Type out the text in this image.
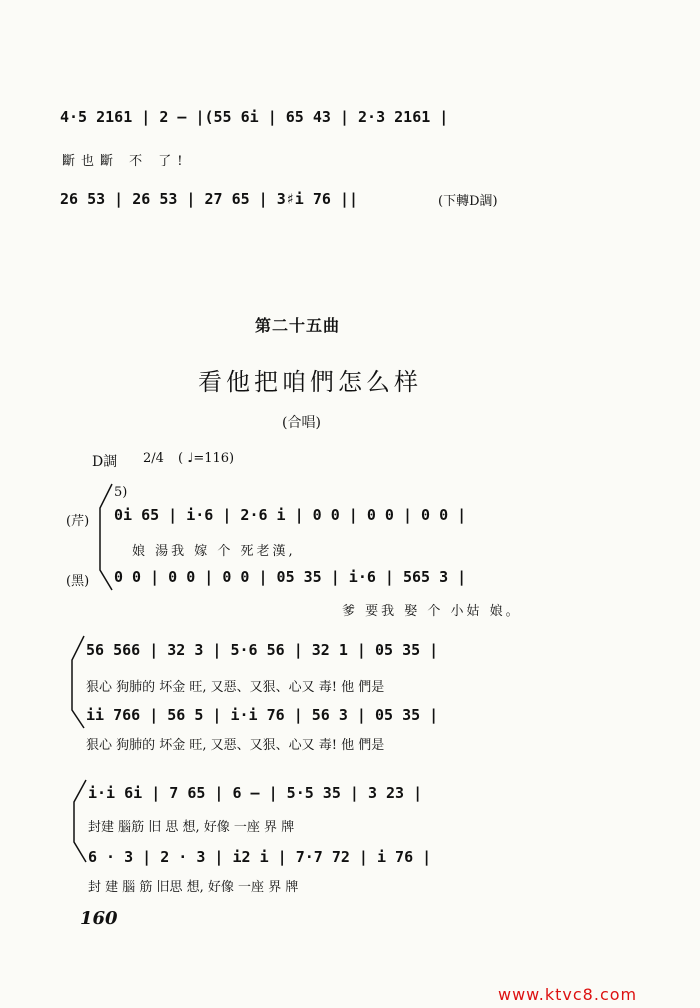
4·5 2161 | 2 — |(55 6i | 65 43 | 2·3 2161 |
斷也斷 不 了!
26 53 | 26 53 | 27 65 | 3♯i 76 ||	(下轉D調)
第二十五曲
看他把咱們怎么样
(合唱)
D調 2/4 ( ♩=116)
5)
(芹) 0i 65 | i·6 | 2·6 i | 0 0 | 0 0 | 0 0 |
娘 湯我 嫁 个 死老漢,
(黑) 0 0 | 0 0 | 0 0 | 05 35 | i·6 | 565 3 |
爹 要我 娶 个 小姑 娘。
56 566 | 32 3 | 5·6 56 | 32 1 | 05 35 |
狠心 狗肺的 坏金 旺, 又惡、又狠、心又 毒! 他 們是
ii 766 | 56 5 | i·i 76 | 56 3 | 05 35 |
狠心 狗肺的 坏金 旺, 又惡、又狠、心又 毒! 他 們是
i·i 6i | 7 65 | 6 — | 5·5 35 | 3 23 |
封建 腦筋 旧 思 想, 好像 一座 界 牌
6 · 3 | 2 · 3 | i2 i | 7·7 72 | i 76 |
封 建 腦 筋 旧思 想, 好像 一座 界 牌
160
www.ktvc8.com
